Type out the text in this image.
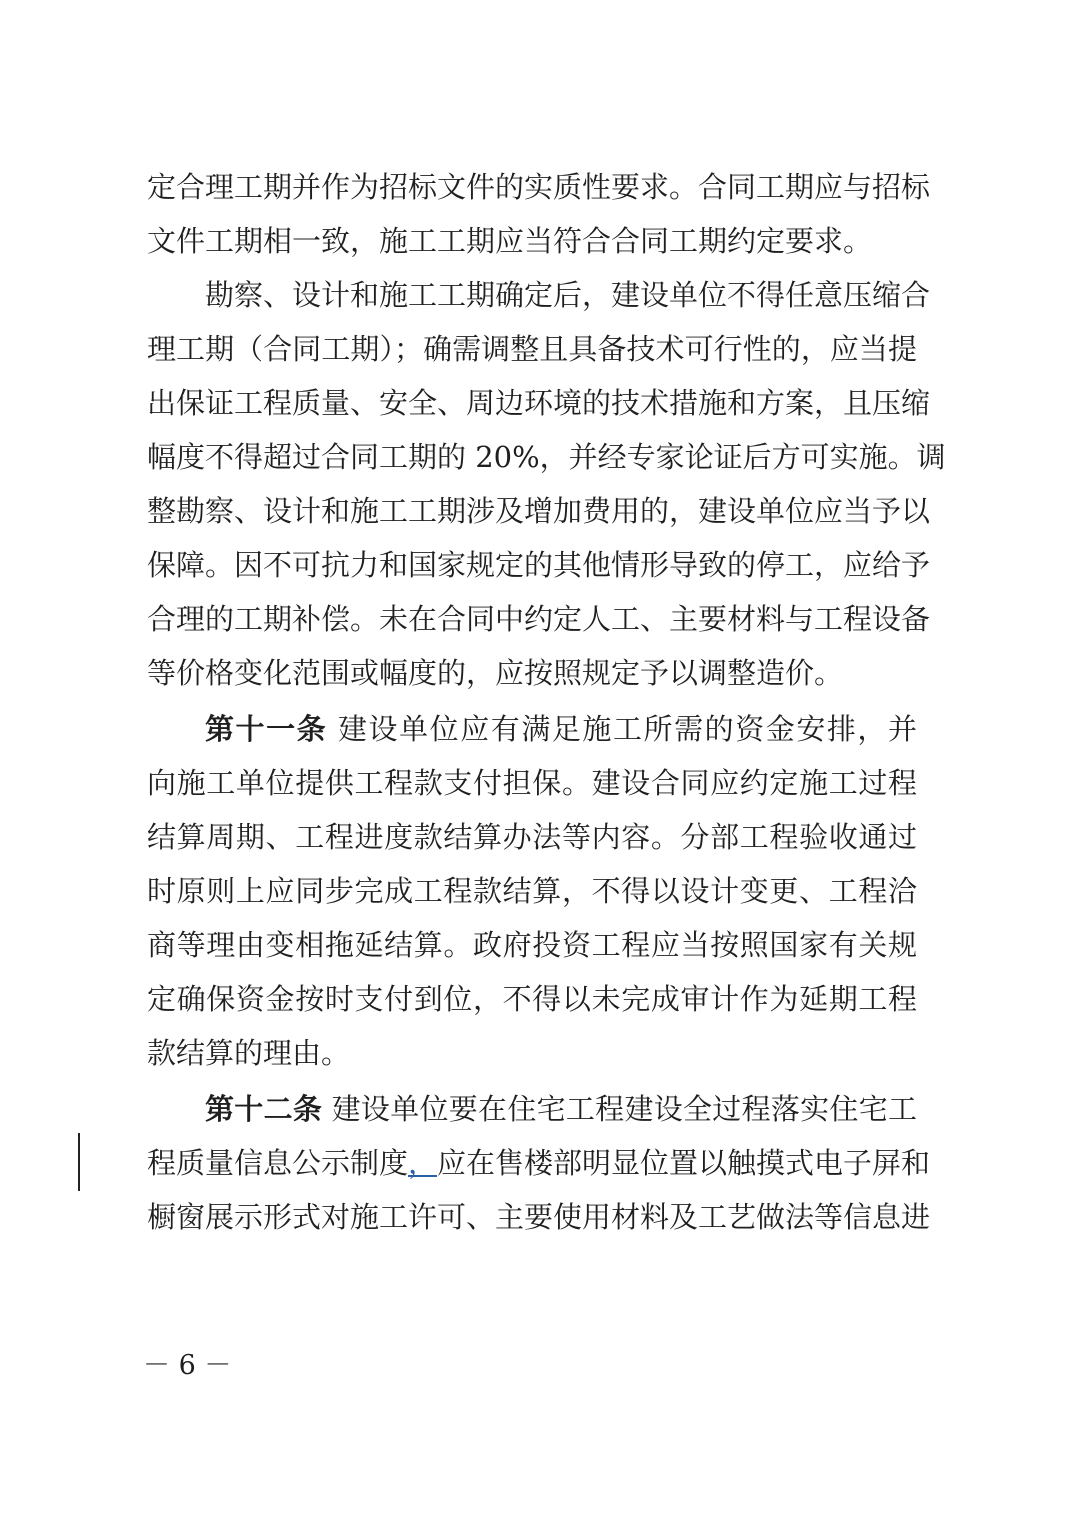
定合理工期并作为招标文件的实质性要求。合同工期应与招标
文件工期相一致，施工工期应当符合合同工期约定要求。
勘察、设计和施工工期确定后，建设单位不得任意压缩合
理工期（合同工期）；确需调整且具备技术可行性的，应当提
出保证工程质量、安全、周边环境的技术措施和方案，且压缩
幅度不得超过合同工期的 20%，并经专家论证后方可实施。调
整勘察、设计和施工工期涉及增加费用的，建设单位应当予以
保障。因不可抗力和国家规定的其他情形导致的停工，应给予
合理的工期补偿。未在合同中约定人工、主要材料与工程设备
等价格变化范围或幅度的，应按照规定予以调整造价。
第十一条 建设单位应有满足施工所需的资金安排，并
向施工单位提供工程款支付担保。建设合同应约定施工过程
结算周期、工程进度款结算办法等内容。分部工程验收通过
时原则上应同步完成工程款结算，不得以设计变更、工程洽
商等理由变相拖延结算。政府投资工程应当按照国家有关规
定确保资金按时支付到位，不得以未完成审计作为延期工程
款结算的理由。
第十二条 建设单位要在住宅工程建设全过程落实住宅工
程质量信息公示制度，应在售楼部明显位置以触摸式电子屏和
橱窗展示形式对施工许可、主要使用材料及工艺做法等信息进
－ 6 －
